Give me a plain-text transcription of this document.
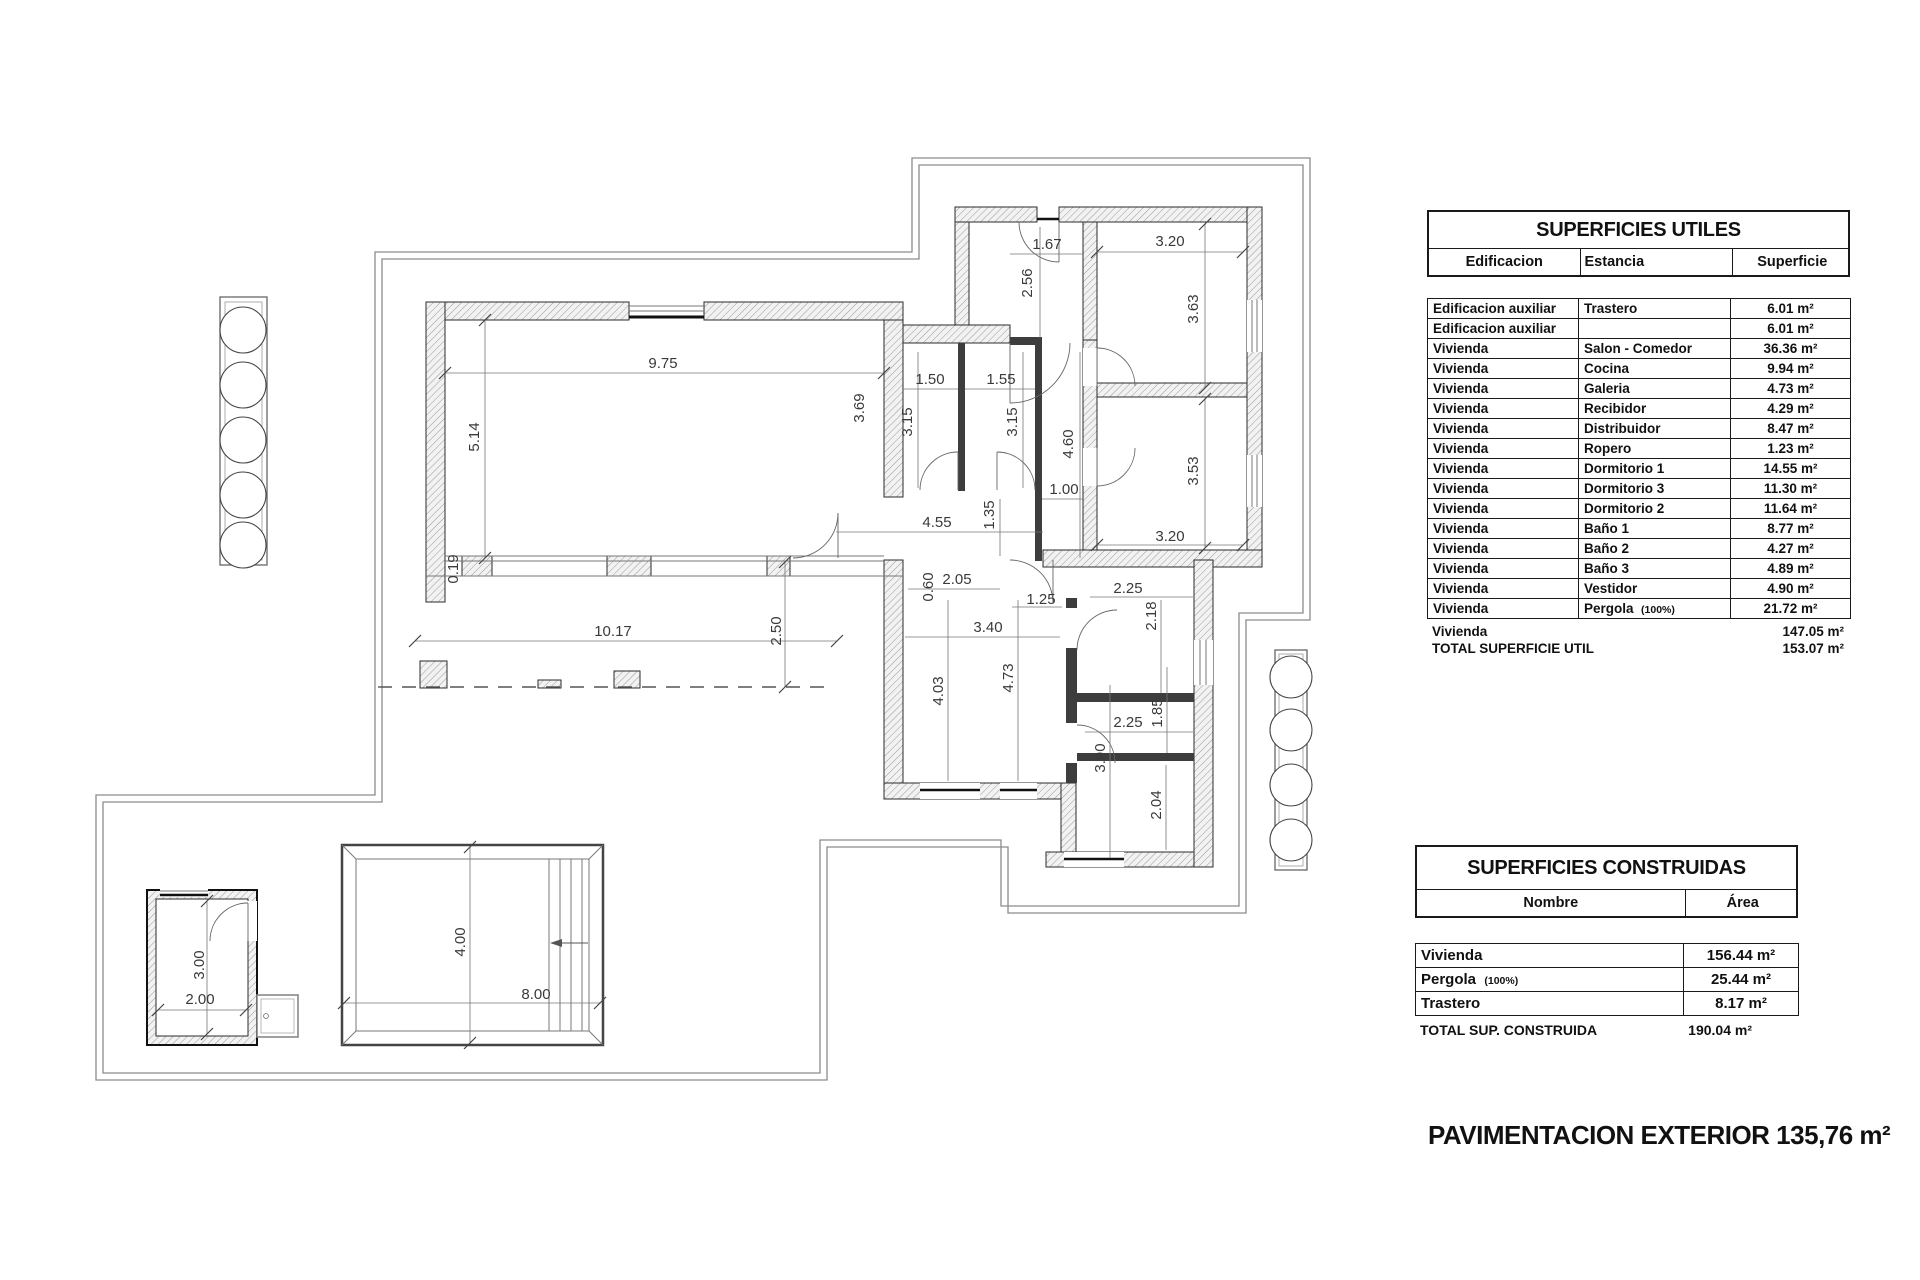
9.75
5.14
3.69
1.50	1.55
3.15	3.15
1.67
2.56
3.20
3.63
3.53
3.20
4.60
1.00
4.55 1.35
2.05
0.60	1.25
2.25
2.18
3.40
4.73
4.03
2.25 1.85
3.90
2.04
10.17	2.50
0.19
3.00
2.00
4.00
8.00
SUPERFICIES UTILES
Edificacion	Estancia	Superficie
Edificacion auxiliar	Trastero	6.01 m²
Edificacion auxiliar		6.01 m²
Vivienda	Salon - Comedor	36.36 m²
Vivienda	Cocina	9.94 m²
Vivienda	Galeria	4.73 m²
Vivienda	Recibidor	4.29 m²
Vivienda	Distribuidor	8.47 m²
Vivienda	Ropero	1.23 m²
Vivienda	Dormitorio 1	14.55 m²
Vivienda	Dormitorio 3	11.30 m²
Vivienda	Dormitorio 2	11.64 m²
Vivienda	Baño 1	8.77 m²
Vivienda	Baño 2	4.27 m²
Vivienda	Baño 3	4.89 m²
Vivienda	Vestidor	4.90 m²
Vivienda	Pergola (100%)	21.72 m²
Vivienda	147.05 m²
TOTAL SUPERFICIE UTIL	153.07 m²
SUPERFICIES CONSTRUIDAS
Nombre	Área
Vivienda	156.44 m²
Pergola (100%)	25.44 m²
Trastero	8.17 m²
TOTAL SUP. CONSTRUIDA	190.04 m²
PAVIMENTACION EXTERIOR 135,76 m²
